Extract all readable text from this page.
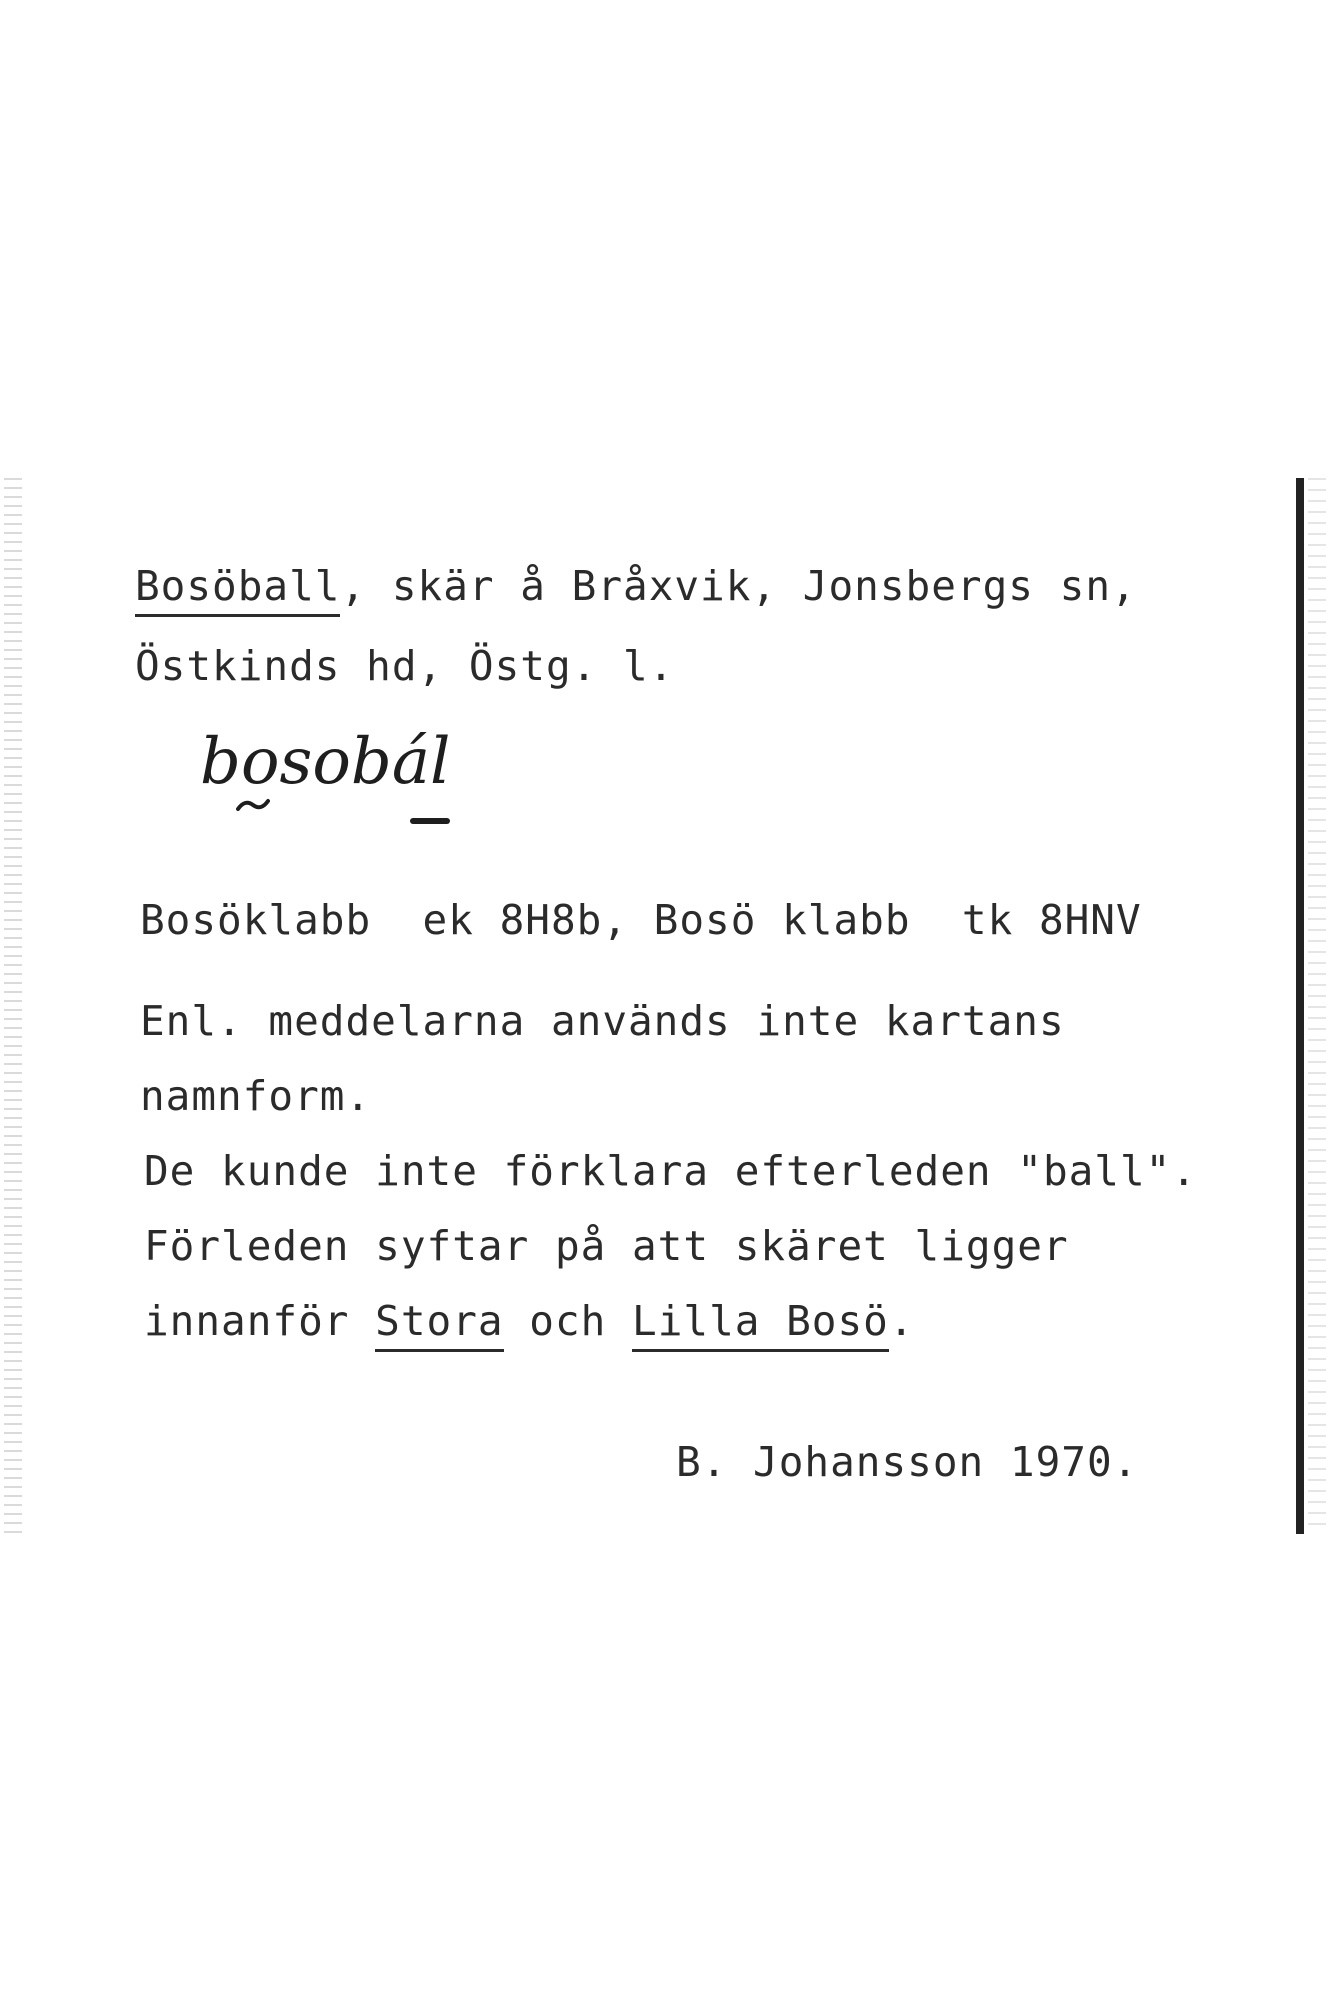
Bosöball, skär å Bråxvik, Jonsbergs sn,
Östkinds hd, Östg. l.
bosobál
Bosöklabb  ek 8H8b, Bosö klabb  tk 8HNV
Enl. meddelarna används inte kartans
namnform.
De kunde inte förklara efterleden "ball".
Förleden syftar på att skäret ligger
innanför Stora och Lilla Bosö.
B. Johansson 1970.
